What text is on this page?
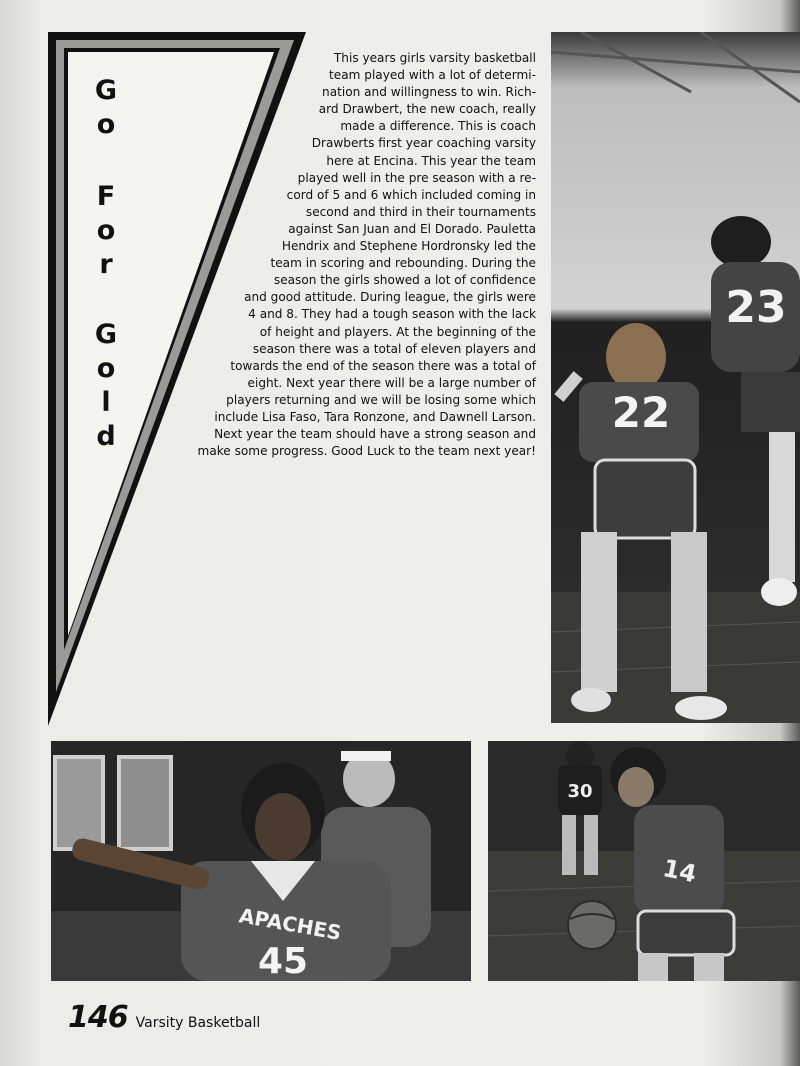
G
o
F
o
r
G
o
l
d
This years girls varsity basketball
team played with a lot of determi-
nation and willingness to win. Rich-
ard Drawbert, the new coach, really
made a difference. This is coach
Drawberts first year coaching varsity
here at Encina. This year the team
played well in the pre season with a re-
cord of 5 and 6 which included coming in
second and third in their tournaments
against San Juan and El Dorado. Pauletta
Hendrix and Stephene Hordronsky led the
team in scoring and rebounding. During the
season the girls showed a lot of confidence
and good attitude. During league, the girls were
4 and 8. They had a tough season with the lack
of height and players. At the beginning of the
season there was a total of eleven players and
towards the end of the season there was a total of
eight. Next year there will be a large number of
players returning and we will be losing some which
include Lisa Faso, Tara Ronzone, and Dawnell Larson.
Next year the team should have a strong season and
make some progress. Good Luck to the team next year!
23
22
APACHES
45
30
14
146 Varsity Basketball
